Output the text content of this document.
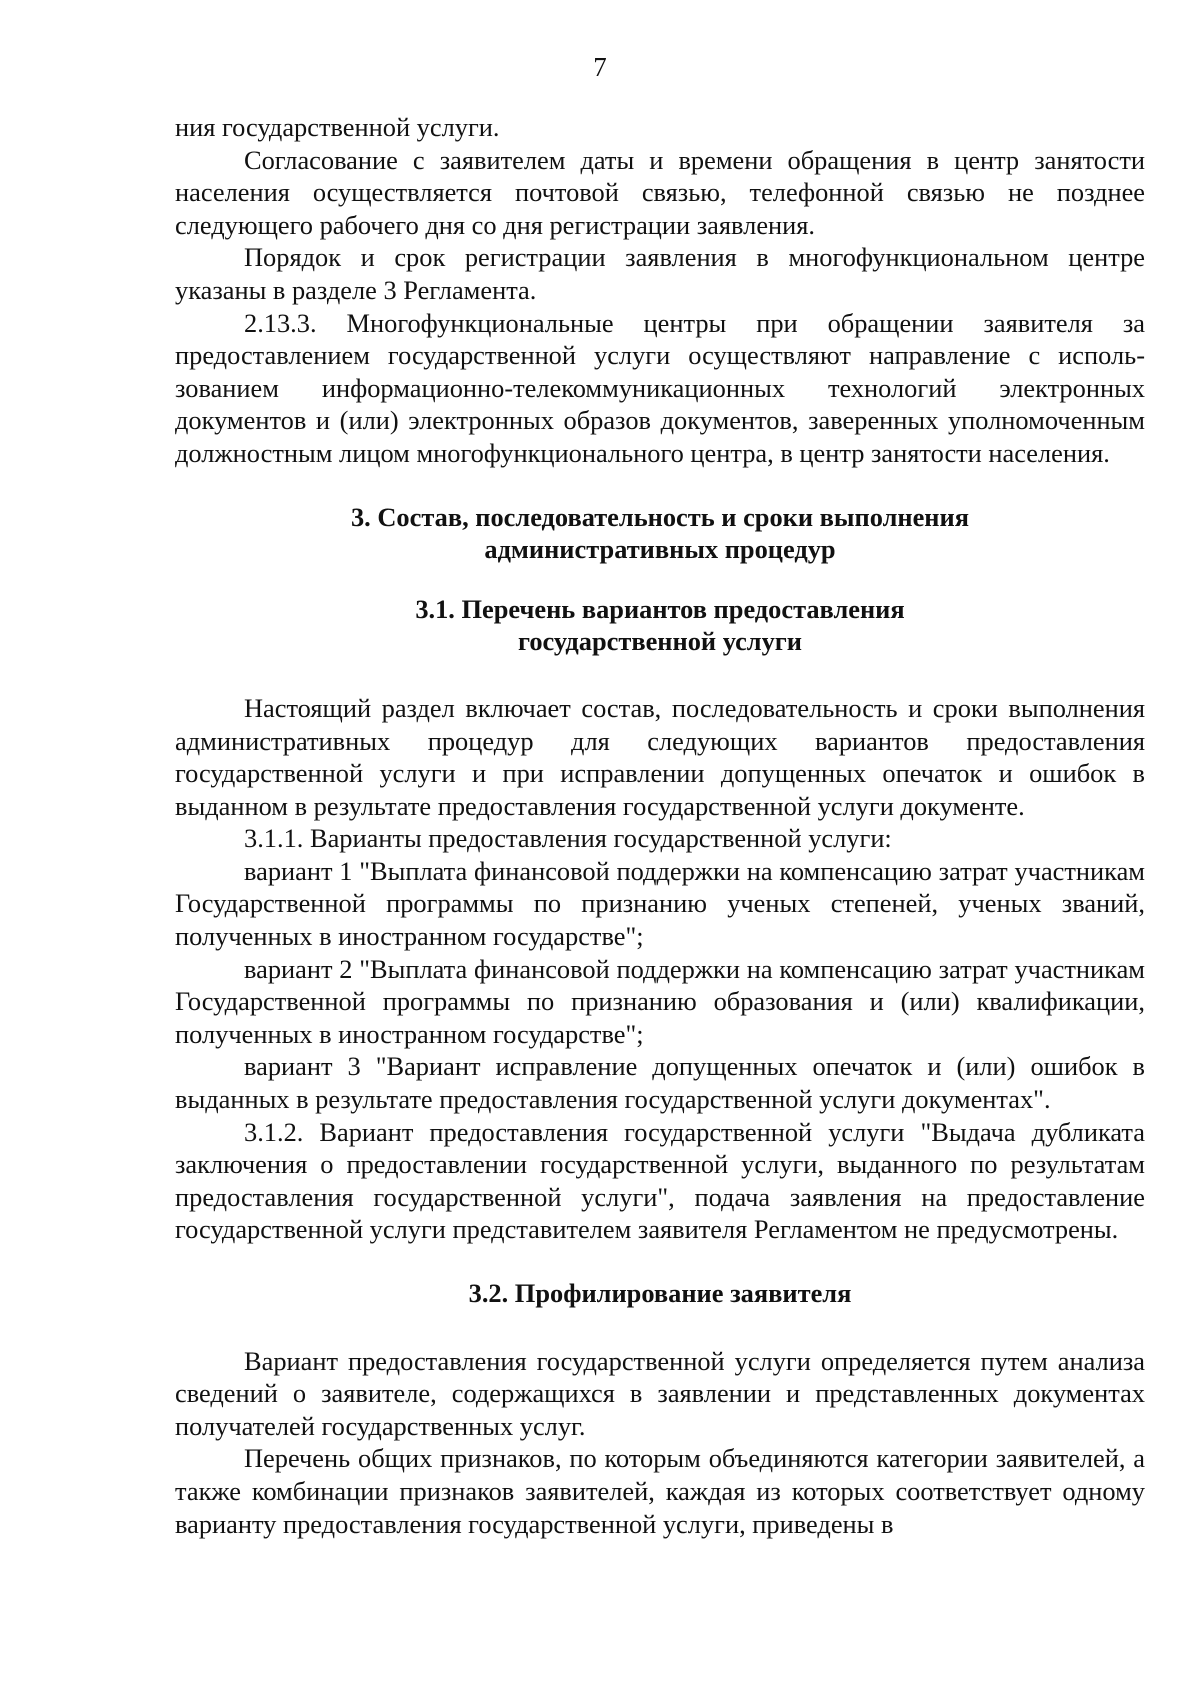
7

ния государственной услуги.

Согласование с заявителем даты и времени обращения в центр занятости населения осуществляется почтовой связью, телефонной связью не позднее следующего рабочего дня со дня регистрации заявления.

Порядок и срок регистрации заявления в многофункциональном центре указаны в разделе 3 Регламента.

2.13.3. Многофункциональные центры при обращении заявителя за предоставлением государственной услуги осуществляют направление с использованием информационно-телекоммуникационных технологий электронных документов и (или) электронных образов документов, заверенных уполномоченным должностным лицом многофункционального центра, в центр занятости населения.

3. Состав, последовательность и сроки выполнения
административных процедур
3.1. Перечень вариантов предоставления
государственной услуги

Настоящий раздел включает состав, последовательность и сроки выполнения административных процедур для следующих вариантов предоставления государственной услуги и при исправлении допущенных опечаток и ошибок в выданном в результате предоставления государственной услуги документе.

3.1.1. Варианты предоставления государственной услуги:

вариант 1 "Выплата финансовой поддержки на компенсацию затрат участникам Государственной программы по признанию ученых степеней, ученых званий, полученных в иностранном государстве";

вариант 2 "Выплата финансовой поддержки на компенсацию затрат участникам Государственной программы по признанию образования и (или) квалификации, полученных в иностранном государстве";

вариант 3 "Вариант исправление допущенных опечаток и (или) ошибок в выданных в результате предоставления государственной услуги документах".

3.1.2. Вариант предоставления государственной услуги "Выдача дубликата заключения о предоставлении государственной услуги, выданного по результатам предоставления государственной услуги", подача заявления на предоставление государственной услуги представителем заявителя Регламентом не предусмотрены.

3.2. Профилирование заявителя

Вариант предоставления государственной услуги определяется путем анализа сведений о заявителе, содержащихся в заявлении и представленных документах получателей государственных услуг.

Перечень общих признаков, по которым объединяются категории заявителей, а также комбинации признаков заявителей, каждая из которых соответствует одному варианту предоставления государственной услуги, приведены в
